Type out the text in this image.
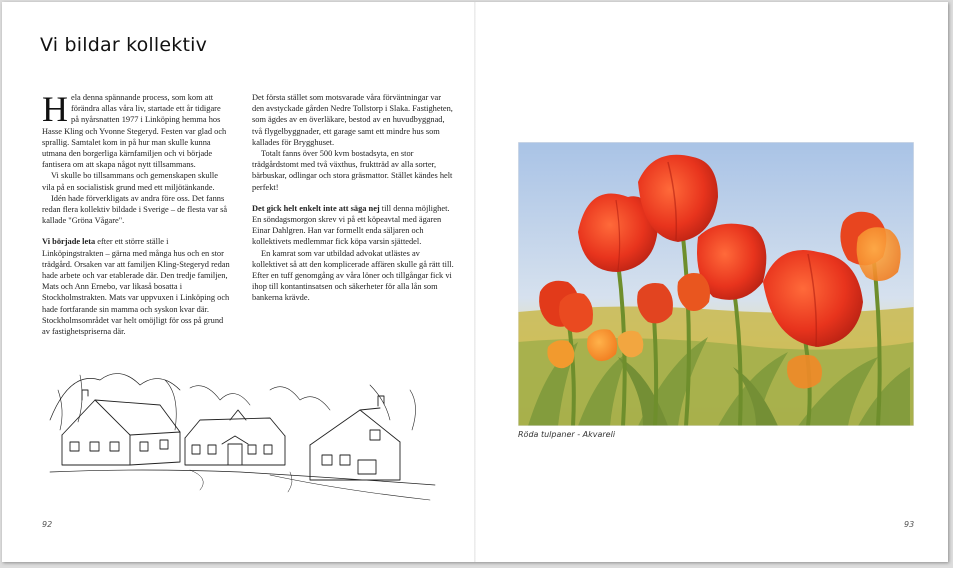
Vi bildar kollektiv

Hela denna spännande process, som kom att förändra allas våra liv, startade ett år tidigare på nyårsnatten 1977 i Linköping hemma hos Hasse Kling och Yvonne Stegeryd. Festen var glad och sprallig. Samtalet kom in på hur man skulle kunna utmana den borgerliga kärnfamiljen och vi började fantisera om att skapa något nytt tillsammans.

Vi skulle bo tillsammans och gemenskapen skulle vila på en socialistisk grund med ett miljötänkande.

Idén hade förverkligats av andra före oss. Det fanns redan flera kollektiv bildade i Sverige – de flesta var så kallade "Gröna Vågare".

Vi började leta efter ett större ställe i Linköpingstrakten – gärna med många hus och en stor trädgård. Orsaken var att familjen Kling-Stegeryd redan hade arbete och var etablerade där. Den tredje familjen, Mats och Ann Ernebo, var likaså bosatta i Stockholmstrakten. Mats var uppvuxen i Linköping och hade fortfarande sin mamma och syskon kvar där. Stockholmsområdet var helt omöjligt för oss på grund av fastighetspriserna där.

Det första stället som motsvarade våra förväntningar var den avstyckade gården Nedre Tollstorp i Slaka. Fastigheten, som ägdes av en överläkare, bestod av en huvudbyggnad, två flygelbyggnader, ett garage samt ett mindre hus som kallades för Brygghuset.

Totalt fanns över 500 kvm bostadsyta, en stor trädgårdstomt med två växthus, fruktträd av alla sorter, bärbuskar, odlingar och stora gräsmattor. Stället kändes helt perfekt!

Det gick helt enkelt inte att säga nej till denna möjlighet. En söndagsmorgon skrev vi på ett köpeavtal med ägaren Einar Dahlgren. Han var formellt enda säljaren och kollektivets medlemmar fick köpa varsin sjättedel.

En kamrat som var utbildad advokat utlästes av kollektivet så att den komplicerade affären skulle gå rätt till. Efter en tuff genomgång av våra löner och tillgångar fick vi ihop till kontantinsatsen och säkerheter för alla lån som bankerna krävde.

92	93
Röda tulpaner - Akvareli
